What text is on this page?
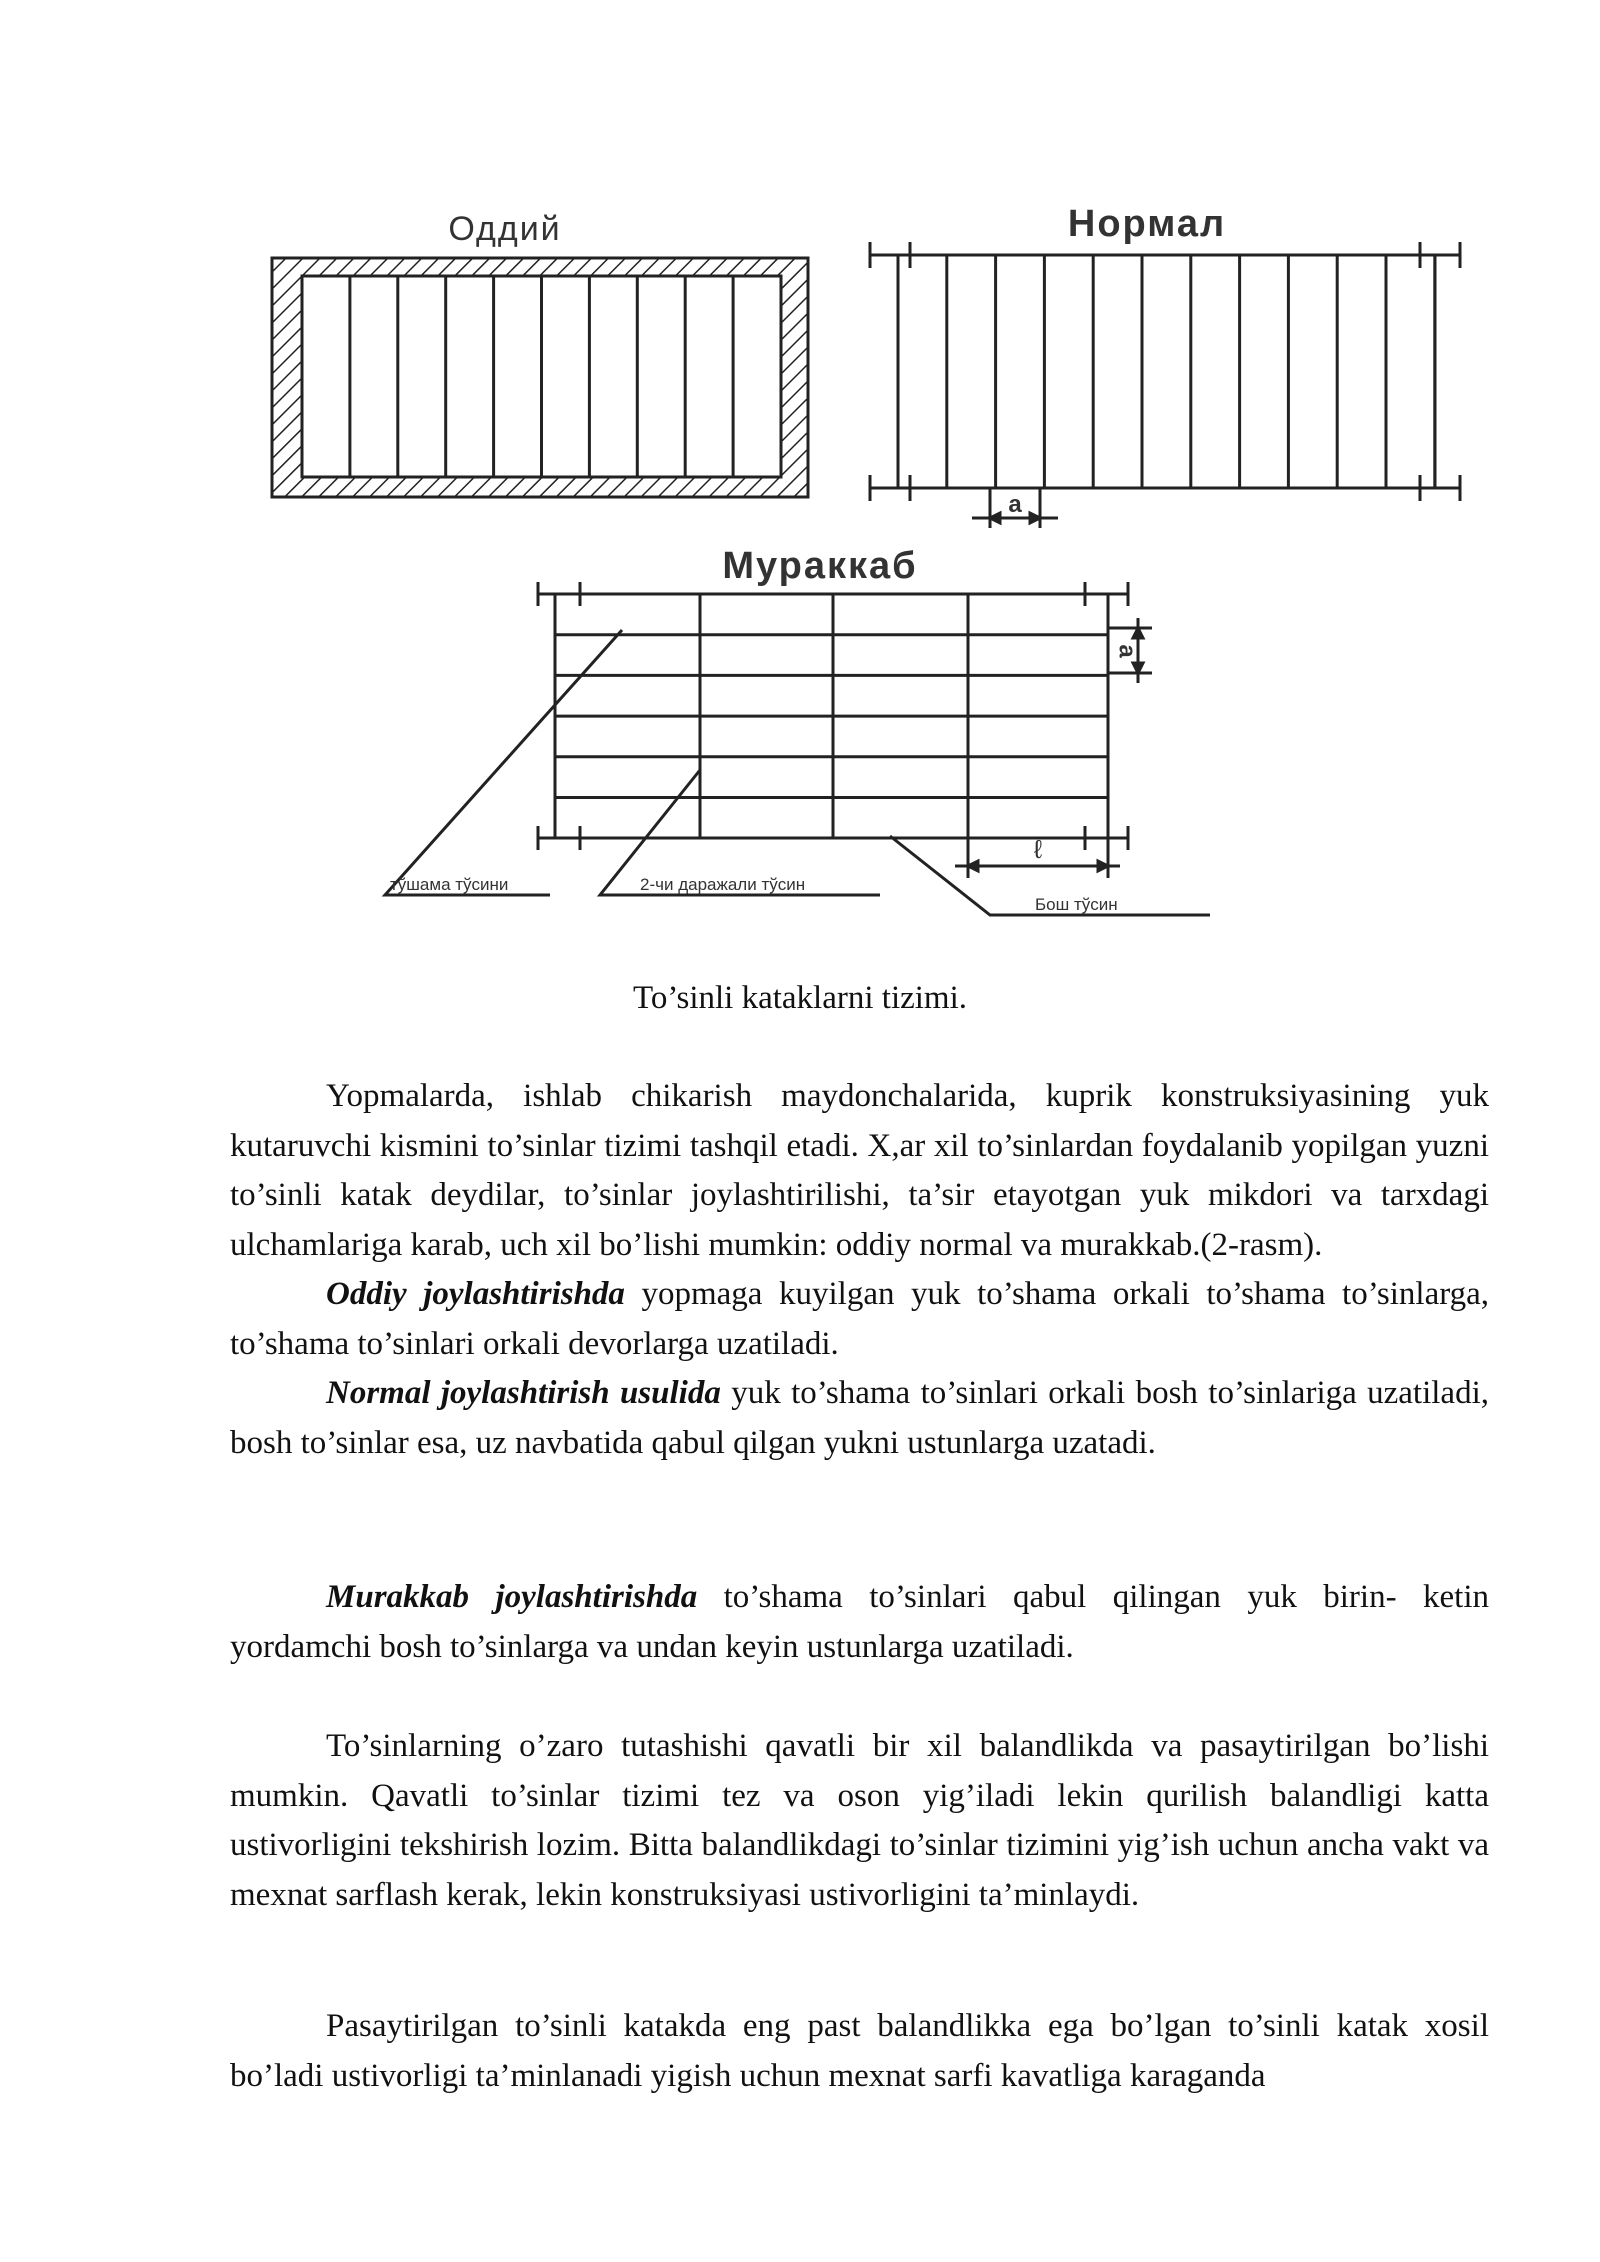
Оддий	Нормал
a
Мураккаб
a
ℓ
тўшама тўсини	2-чи даражали тўсин
Бош тўсин
To’sinli kataklarni tizimi.

Yopmalarda, ishlab chikarish maydonchalarida, kuprik konstruksiyasining yuk kutaruvchi kismini to’sinlar tizimi tashqil etadi. X,ar xil to’sinlardan foydalanib yopilgan yuzni to’sinli katak deydilar, to’sinlar joylashtirilishi, ta’sir etayotgan yuk mikdori va tarxdagi ulchamlariga karab, uch xil bo’lishi mumkin: oddiy normal va murakkab.(2-rasm).

Oddiy joylashtirishda yopmaga kuyilgan yuk to’shama orkali to’shama to’sinlarga, to’shama to’sinlari orkali devorlarga uzatiladi.

Normal joylashtirish usulida yuk to’shama to’sinlari orkali bosh to’sinlariga uzatiladi, bosh to’sinlar esa, uz navbatida qabul qilgan yukni ustunlarga uzatadi.

Murakkab joylashtirishda to’shama to’sinlari qabul qilingan yuk birin- ketin yordamchi bosh to’sinlarga va undan keyin ustunlarga uzatiladi.

To’sinlarning o’zaro tutashishi qavatli bir xil balandlikda va pasaytirilgan bo’lishi mumkin. Qavatli to’sinlar tizimi tez va oson yig’iladi lekin qurilish balandligi katta ustivorligini tekshirish lozim. Bitta balandlikdagi to’sinlar tizimini yig’ish uchun ancha vakt va mexnat sarflash kerak, lekin konstruksiyasi ustivorligini ta’minlaydi.

Pasaytirilgan to’sinli katakda eng past balandlikka ega bo’lgan to’sinli katak xosil bo’ladi ustivorligi ta’minlanadi yigish uchun mexnat sarfi kavatliga karaganda
